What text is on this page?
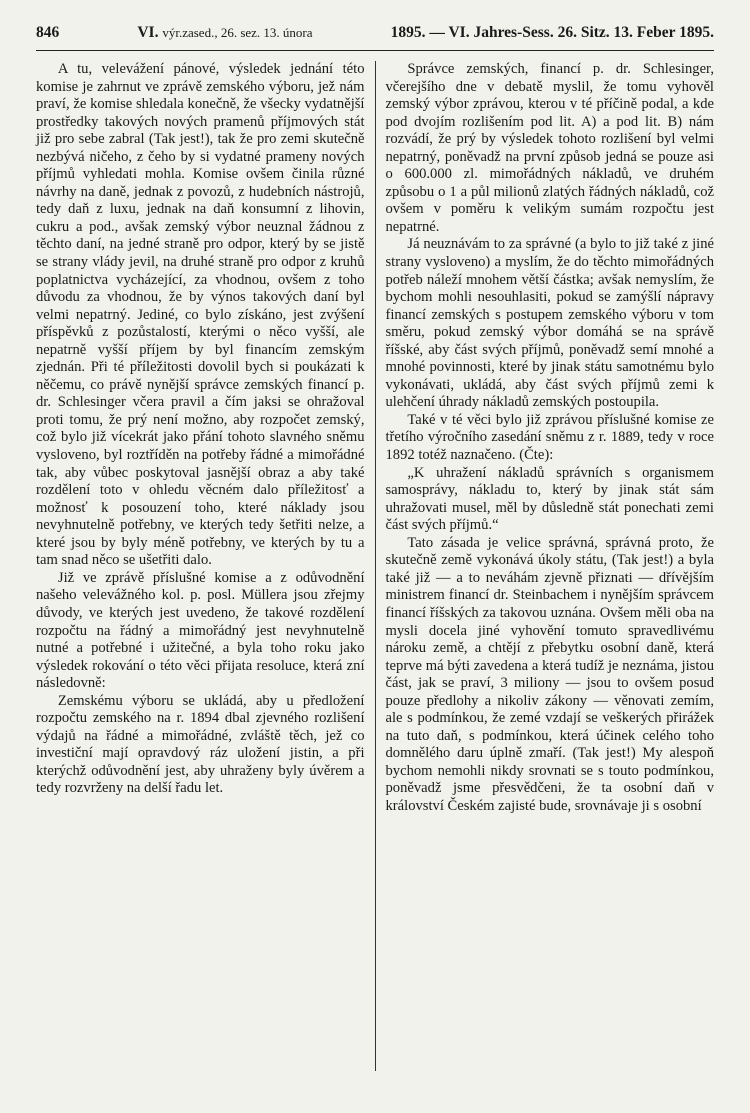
846	VI. výr.zased., 26. sez. 13. února	1895. — VI. Jahres-Sess. 26. Sitz. 13. Feber 1895.

A tu, velevážení pánové, výsledek jednání této komise je zahrnut ve zprávě zemského výboru, jež nám praví, že komise shledala konečně, že všecky vydatnější prostředky takových nových pramenů příjmových stát již pro sebe zabral (Tak jest!), tak že pro zemi skutečně nezbývá ničeho, z čeho by si vydatné prameny nových příjmů vyhledati mohla. Komise ovšem činila různé návrhy na daně, jednak z povozů, z hudebních nástrojů, tedy daň z luxu, jednak na daň konsumní z lihovin, cukru a pod., avšak zemský výbor neuznal žádnou z těchto daní, na jedné straně pro odpor, který by se jistě se strany vlády jevil, na druhé straně pro odpor z kruhů poplatnictva vycházející, za vhodnou, ovšem z toho důvodu za vhodnou, že by výnos takových daní byl velmi nepatrný. Jediné, co bylo získáno, jest zvýšení příspěvků z pozůstalostí, kterými o něco vyšší, ale nepatrně vyšší příjem by byl financím zemským zjednán. Při té příležitosti dovolil bych si poukázati k něčemu, co právě nynější správce zemských financí p. dr. Schlesinger včera pravil a čím jaksi se ohražoval proti tomu, že prý není možno, aby rozpočet zemský, což bylo již vícekrát jako přání tohoto slavného sněmu vysloveno, byl roztříděn na potřeby řádné a mimořádné tak, aby vůbec poskytoval jasnější obraz a aby také rozdělení toto v ohledu věcném dalo příležitosť a možnosť k posouzení toho, které náklady jsou nevyhnutelně potřebny, ve kterých tedy šetřiti nelze, a které jsou by byly méně potřebny, ve kterých by tu a tam snad něco se ušetřiti dalo.

Již ve zprávě příslušné komise a z odůvodnění našeho velevážného kol. p. posl. Müllera jsou zřejmy důvody, ve kterých jest uvedeno, že takové rozdělení rozpočtu na řádný a mimořádný jest nevyhnutelně nutné a potřebné i užitečné, a byla toho roku jako výsledek rokování o této věci přijata resoluce, která zní následovně:

Zemskému výboru se ukládá, aby u předložení rozpočtu zemského na r. 1894 dbal zjevného rozlišení výdajů na řádné a mimořádné, zvláště těch, jež co investiční mají opravdový ráz uložení jistin, a při kterýchž odůvodnění jest, aby uhraženy byly úvěrem a tedy rozvrženy na delší řadu let.

Správce zemských, financí p. dr. Schlesinger, včerejšího dne v debatě myslil, že tomu vyhověl zemský výbor zprávou, kterou v té příčině podal, a kde pod dvojím rozlišením pod lit. A) a pod lit. B) nám rozvádí, že prý by výsledek tohoto rozlišení byl velmi nepatrný, poněvadž na první způsob jedná se pouze asi o 600.000 zl. mimořádných nákladů, ve druhém způsobu o 1 a půl milionů zlatých řádných nákladů, což ovšem v poměru k velikým sumám rozpočtu jest nepatrné.

Já neuznávám to za správné (a bylo to již také z jiné strany vysloveno) a myslím, že do těchto mimořádných potřeb náleží mnohem větší částka; avšak nemyslím, že bychom mohli nesouhlasiti, pokud se zamýšlí nápravy financí zemských s postupem zemského výboru v tom směru, pokud zemský výbor domáhá se na správě říšské, aby část svých příjmů, poněvadž semí mnohé a mnohé povinnosti, které by jinak státu samotnému bylo vykonávati, ukládá, aby část svých příjmů zemi k ulehčení úhrady nákladů zemských postoupila.

Také v té věci bylo již zprávou příslušné komise ze třetího výročního zasedání sněmu z r. 1889, tedy v roce 1892 totéž naznačeno. (Čte):

„K uhražení nákladů správních s organismem samosprávy, nákladu to, který by jinak stát sám uhražovati musel, měl by důsledně stát ponechati zemi část svých příjmů.“

Tato zásada je velice správná, správná proto, že skutečně země vykonává úkoly státu, (Tak jest!) a byla také již — a to neváhám zjevně přiznati — dřívějším ministrem financí dr. Steinbachem i nynějším správcem financí říšských za takovou uznána. Ovšem měli oba na mysli docela jiné vyhovění tomuto spravedlivému nároku země, a chtějí z přebytku osobní daně, která teprve má býti zavedena a která tudíž je neznáma, jistou část, jak se praví, 3 miliony — jsou to ovšem posud pouze předlohy a nikoliv zákony — věnovati zemím, ale s podmínkou, že zemé vzdají se veškerých přirážek na tuto daň, s podmínkou, která účinek celého toho domnělého daru úplně zmaří. (Tak jest!) My alespoň bychom nemohli nikdy srovnati se s touto podmínkou, poněvadž jsme přesvědčeni, že ta osobní daň v království Českém zajisté bude, srovnávaje ji s osobní
